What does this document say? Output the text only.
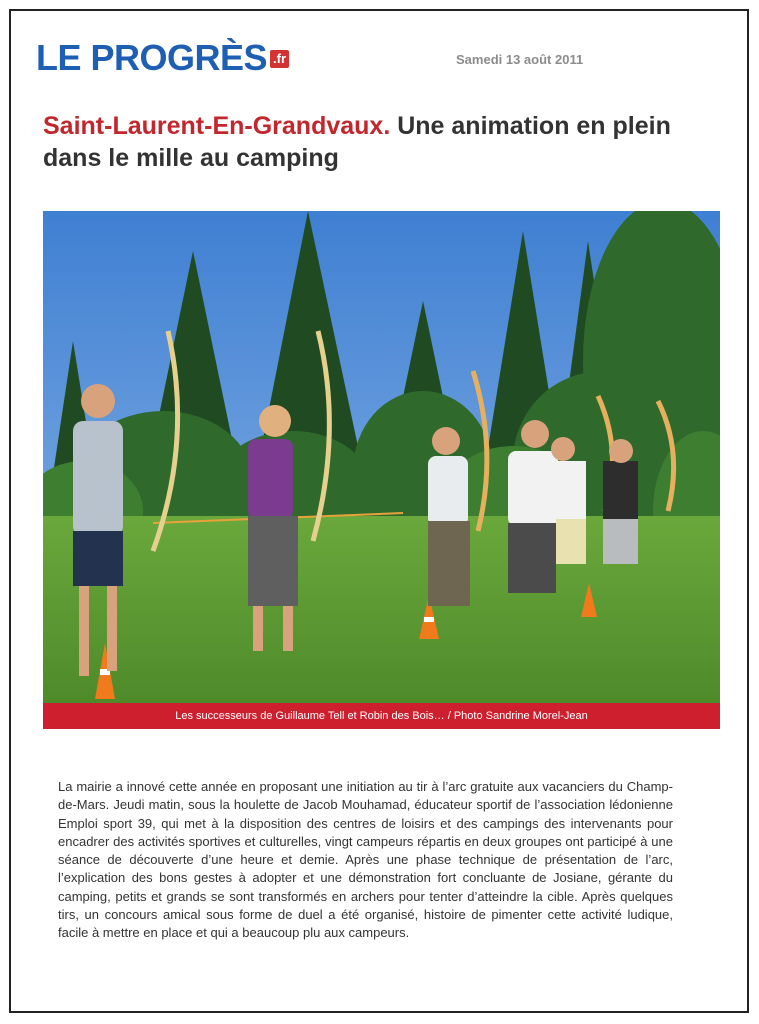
LE PROGRÈS .fr	Samedi 13 août 2011
Saint-Laurent-En-Grandvaux. Une animation en plein dans le mille au camping
Les successeurs de Guillaume Tell et Robin des Bois… / Photo Sandrine Morel-Jean
La mairie a innové cette année en proposant une initiation au tir à l’arc gratuite aux vacanciers du Champ-de-Mars. Jeudi matin, sous la houlette de Jacob Mouhamad, éducateur sportif de l’association lédonienne Emploi sport 39, qui met à la disposition des centres de loisirs et des campings des intervenants pour encadrer des activités sportives et culturelles, vingt campeurs répartis en deux groupes ont participé à une séance de découverte d’une heure et demie. Après une phase technique de présentation de l’arc, l’explication des bons gestes à adopter et une démonstration fort concluante de Josiane, gérante du camping, petits et grands se sont transformés en archers pour tenter d’atteindre la cible. Après quelques tirs, un concours amical sous forme de duel a été organisé, histoire de pimenter cette activité ludique, facile à mettre en place et qui a beaucoup plu aux campeurs.
